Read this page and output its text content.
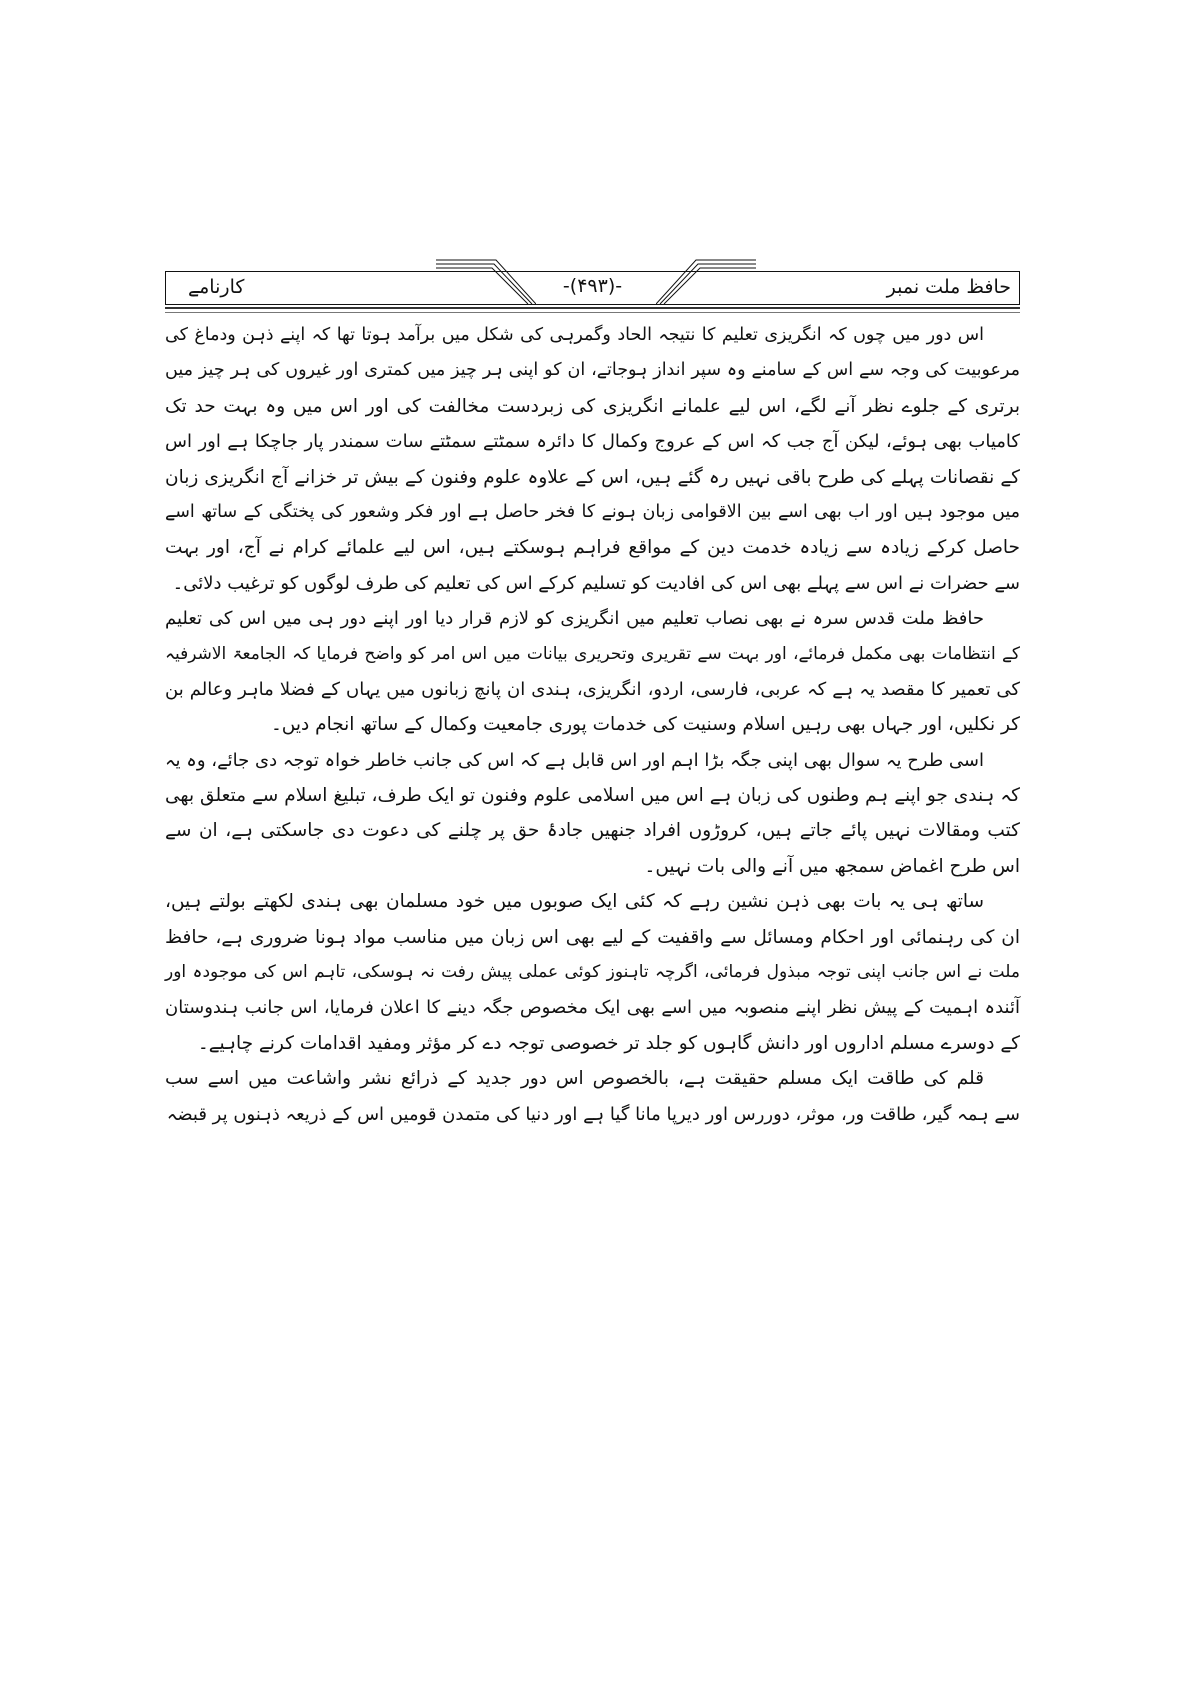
حافظ ملت نمبر
-(۴۹۳)-
کارنامے
اس دور میں چوں کہ انگریزی تعلیم کا نتیجہ الحاد وگمرہی کی شکل میں برآمد ہوتا تھا کہ اپنے ذہن ودماغ کی
مرعوبیت کی وجہ سے اس کے سامنے وہ سپر انداز ہوجاتے، ان کو اپنی ہر چیز میں کمتری اور غیروں کی ہر چیز میں
برتری کے جلوے نظر آنے لگے، اس لیے علمانے انگریزی کی زبردست مخالفت کی اور اس میں وہ بہت حد تک
کامیاب بھی ہوئے، لیکن آج جب کہ اس کے عروج وکمال کا دائرہ سمٹتے سمٹتے سات سمندر پار جاچکا ہے اور اس
کے نقصانات پہلے کی طرح باقی نہیں رہ گئے ہیں، اس کے علاوہ علوم وفنون کے بیش تر خزانے آج انگریزی زبان
میں موجود ہیں اور اب بھی اسے بین الاقوامی زبان ہونے کا فخر حاصل ہے اور فکر وشعور کی پختگی کے ساتھ اسے
حاصل کرکے زیادہ سے زیادہ خدمت دین کے مواقع فراہم ہوسکتے ہیں، اس لیے علمائے کرام نے آج، اور بہت
سے حضرات نے اس سے پہلے بھی اس کی افادیت کو تسلیم کرکے اس کی تعلیم کی طرف لوگوں کو ترغیب دلائی۔
حافظ ملت قدس سرہ نے بھی نصاب تعلیم میں انگریزی کو لازم قرار دیا اور اپنے دور ہی میں اس کی تعلیم
کے انتظامات بھی مکمل فرمائے، اور بہت سے تقریری وتحریری بیانات میں اس امر کو واضح فرمایا کہ الجامعۃ الاشرفیہ
کی تعمیر کا مقصد یہ ہے کہ عربی، فارسی، اردو، انگریزی، ہندی ان پانچ زبانوں میں یہاں کے فضلا ماہر وعالم بن
کر نکلیں، اور جہاں بھی رہیں اسلام وسنیت کی خدمات پوری جامعیت وکمال کے ساتھ انجام دیں۔
اسی طرح یہ سوال بھی اپنی جگہ بڑا اہم اور اس قابل ہے کہ اس کی جانب خاطر خواہ توجہ دی جائے، وہ یہ
کہ ہندی جو اپنے ہم وطنوں کی زبان ہے اس میں اسلامی علوم وفنون تو ایک طرف، تبلیغ اسلام سے متعلق بھی
کتب ومقالات نہیں پائے جاتے ہیں، کروڑوں افراد جنھیں جادۂ حق پر چلنے کی دعوت دی جاسکتی ہے، ان سے
اس طرح اغماض سمجھ میں آنے والی بات نہیں۔
ساتھ ہی یہ بات بھی ذہن نشین رہے کہ کئی ایک صوبوں میں خود مسلمان بھی ہندی لکھتے بولتے ہیں،
ان کی رہنمائی اور احکام ومسائل سے واقفیت کے لیے بھی اس زبان میں مناسب مواد ہونا ضروری ہے، حافظ
ملت نے اس جانب اپنی توجہ مبذول فرمائی، اگرچہ تاہنوز کوئی عملی پیش رفت نہ ہوسکی، تاہم اس کی موجودہ اور
آئندہ اہمیت کے پیش نظر اپنے منصوبہ میں اسے بھی ایک مخصوص جگہ دینے کا اعلان فرمایا، اس جانب ہندوستان
کے دوسرے مسلم اداروں اور دانش گاہوں کو جلد تر خصوصی توجہ دے کر مؤثر ومفید اقدامات کرنے چاہیے۔
قلم کی طاقت ایک مسلم حقیقت ہے، بالخصوص اس دور جدید کے ذرائع نشر واشاعت میں اسے سب
سے ہمہ گیر، طاقت ور، موثر، دوررس اور دیرپا مانا گیا ہے اور دنیا کی متمدن قومیں اس کے ذریعہ ذہنوں پر قبضہ
